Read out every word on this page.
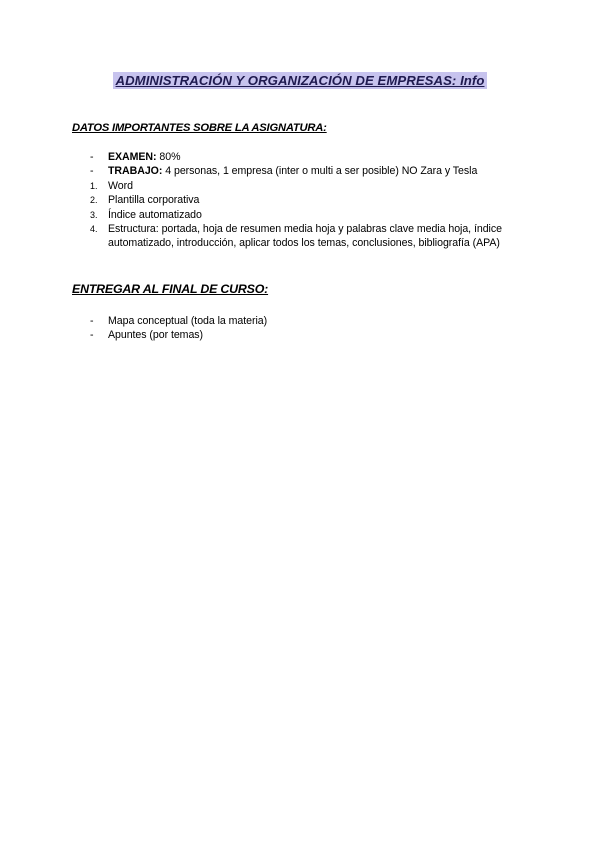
ADMINISTRACIÓN Y ORGANIZACIÓN DE EMPRESAS: Info
DATOS IMPORTANTES SOBRE LA ASIGNATURA:
- EXAMEN: 80%
- TRABAJO: 4 personas, 1 empresa (inter o multi a ser posible) NO Zara y Tesla
1. Word
2. Plantilla corporativa
3. Índice automatizado
4. Estructura: portada, hoja de resumen media hoja y palabras clave media hoja, índice automatizado, introducción, aplicar todos los temas, conclusiones, bibliografía (APA)
ENTREGAR AL FINAL DE CURSO:
- Mapa conceptual (toda la materia)
- Apuntes (por temas)
